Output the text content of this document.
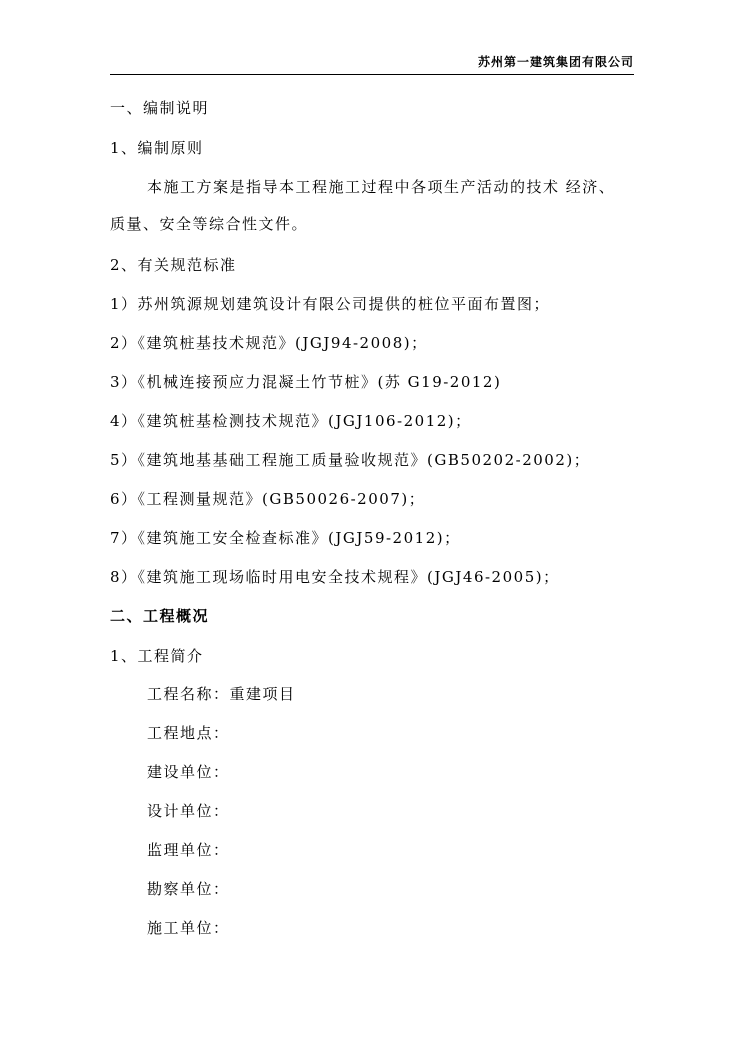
苏州第一建筑集团有限公司
一、编制说明
1、编制原则
本施工方案是指导本工程施工过程中各项生产活动的技术 经济、
质量、安全等综合性文件。
2、有关规范标准
1）苏州筑源规划建筑设计有限公司提供的桩位平面布置图；
2）《建筑桩基技术规范》(JGJ94-2008)；
3）《机械连接预应力混凝土竹节桩》(苏 G19-2012)
4）《建筑桩基检测技术规范》(JGJ106-2012)；
5）《建筑地基基础工程施工质量验收规范》(GB50202-2002)；
6）《工程测量规范》(GB50026-2007)；
7）《建筑施工安全检查标准》(JGJ59-2012)；
8）《建筑施工现场临时用电安全技术规程》(JGJ46-2005)；
二、工程概况
1、工程简介
工程名称：重建项目
工程地点：
建设单位：
设计单位：
监理单位：
勘察单位：
施工单位：
